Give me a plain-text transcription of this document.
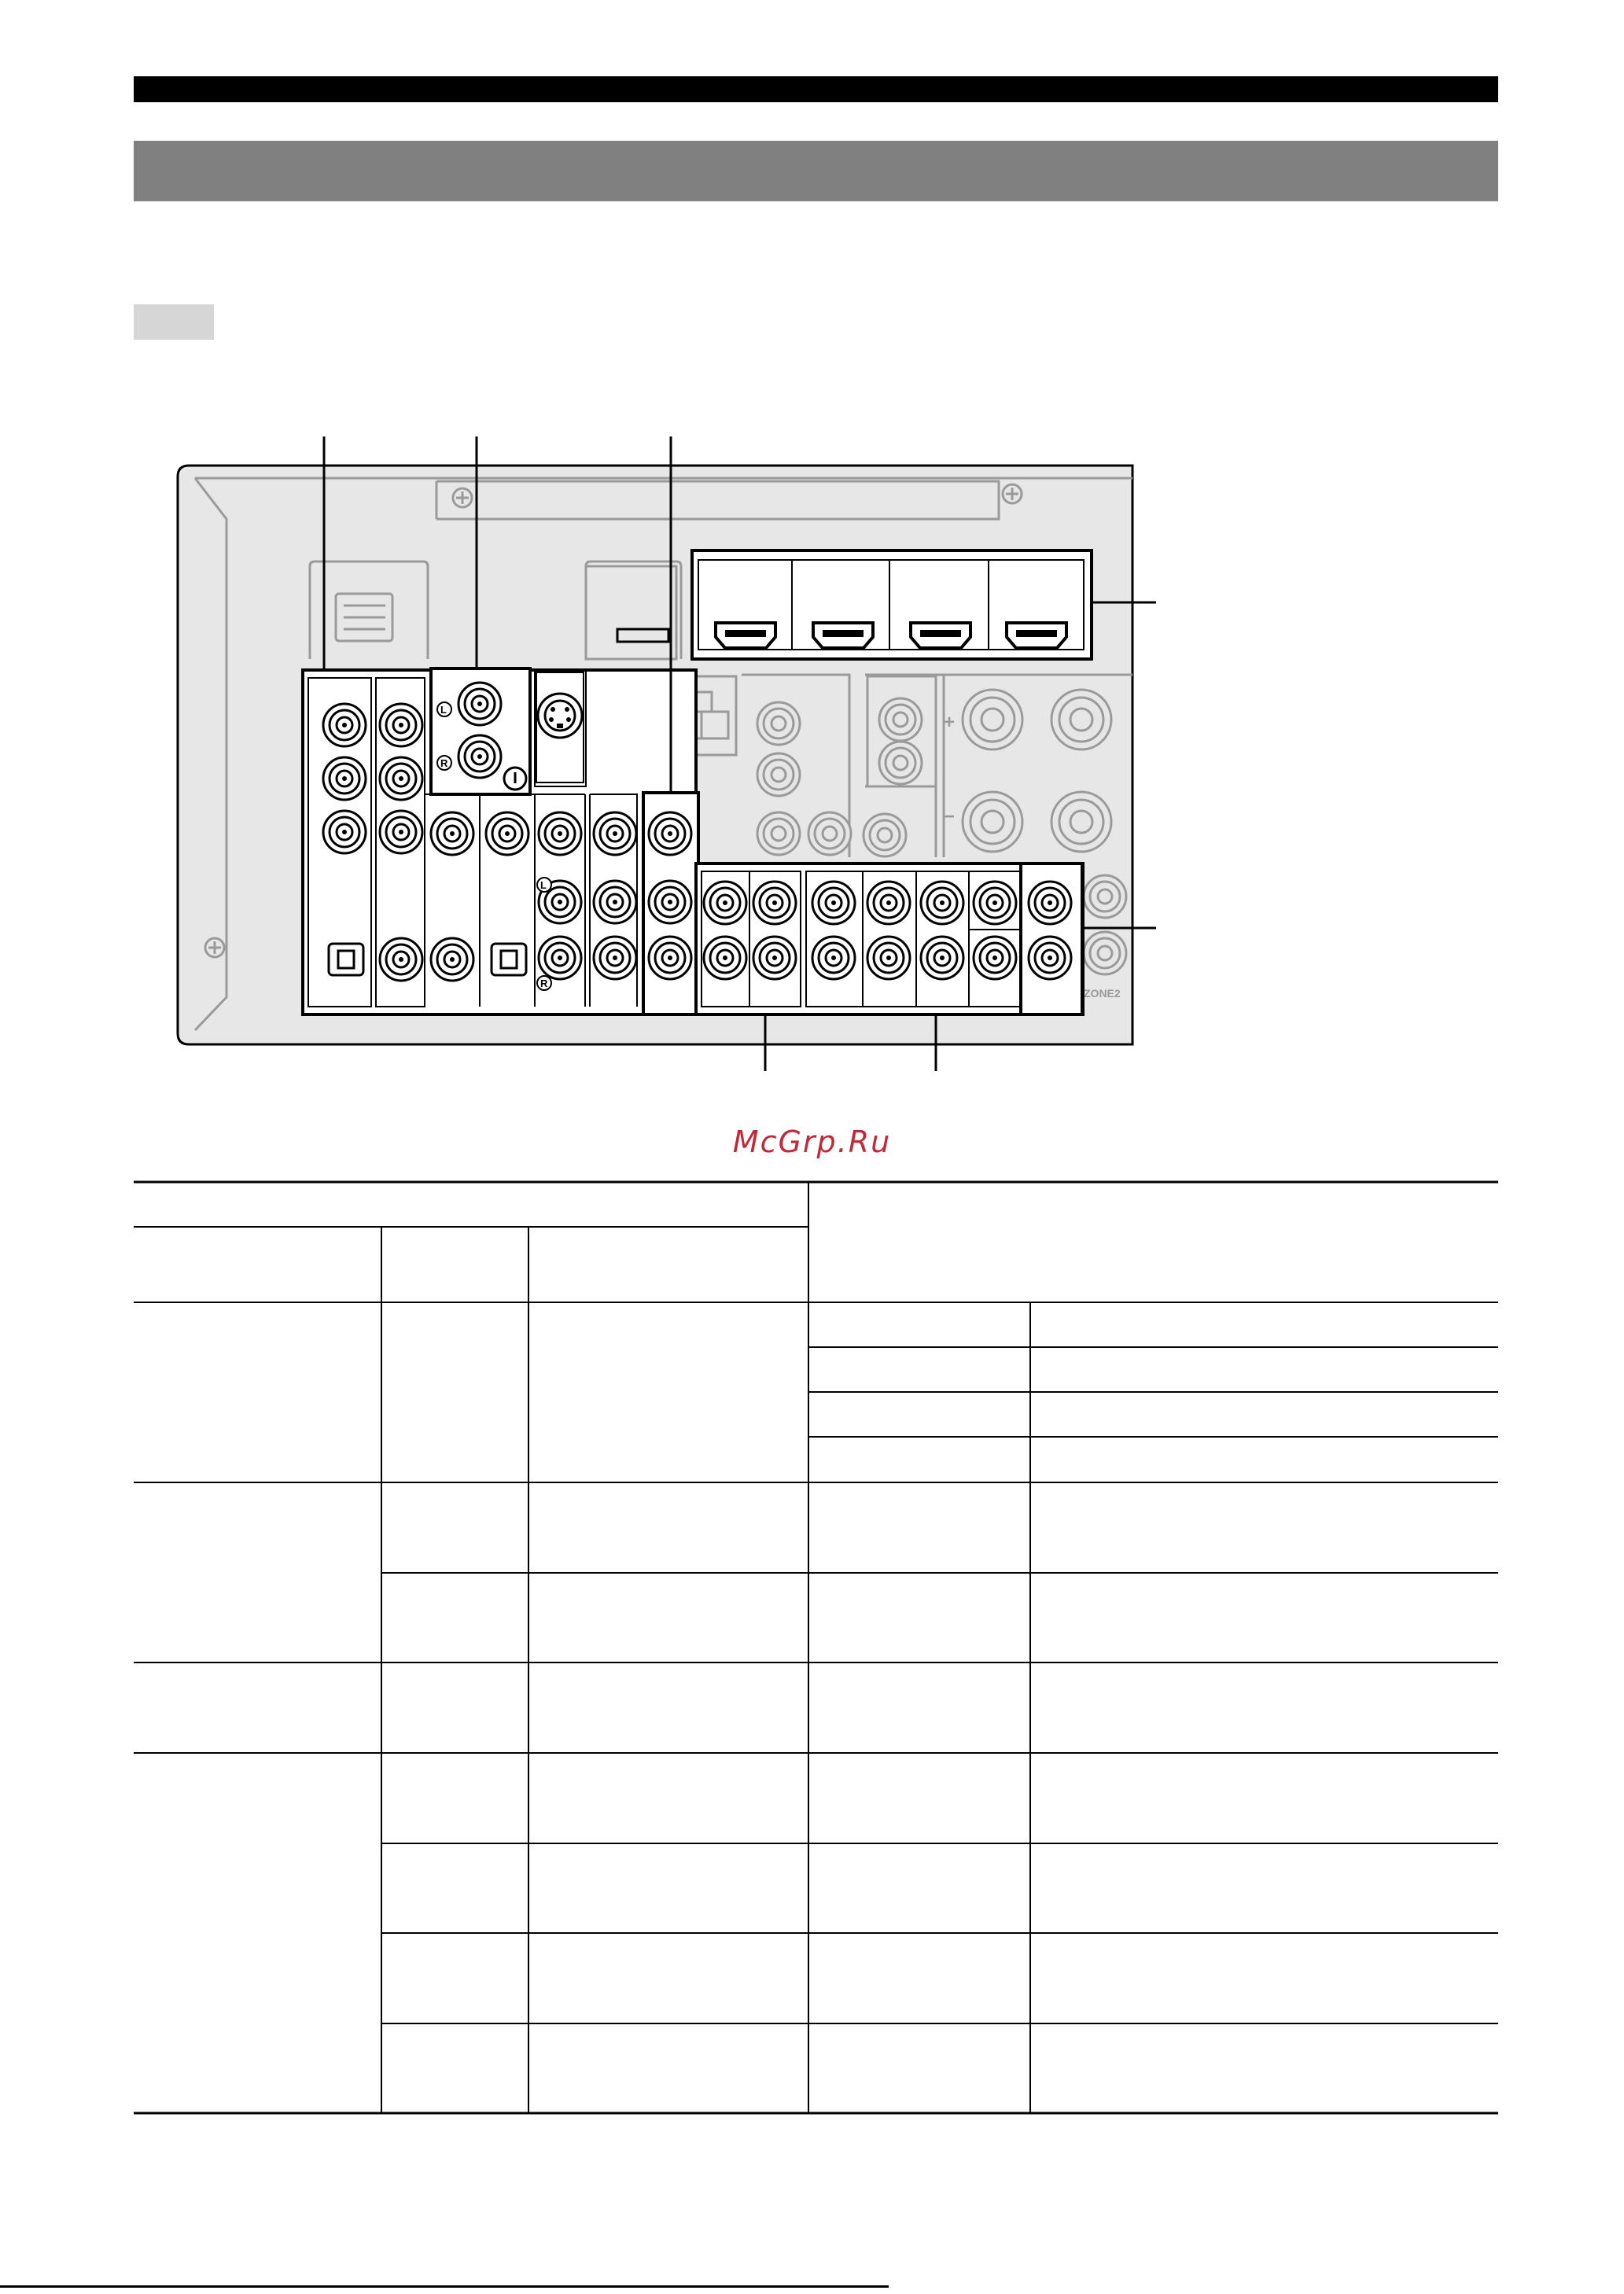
ZONE2
+
−
L
R
L
R
McGrp.Ru
